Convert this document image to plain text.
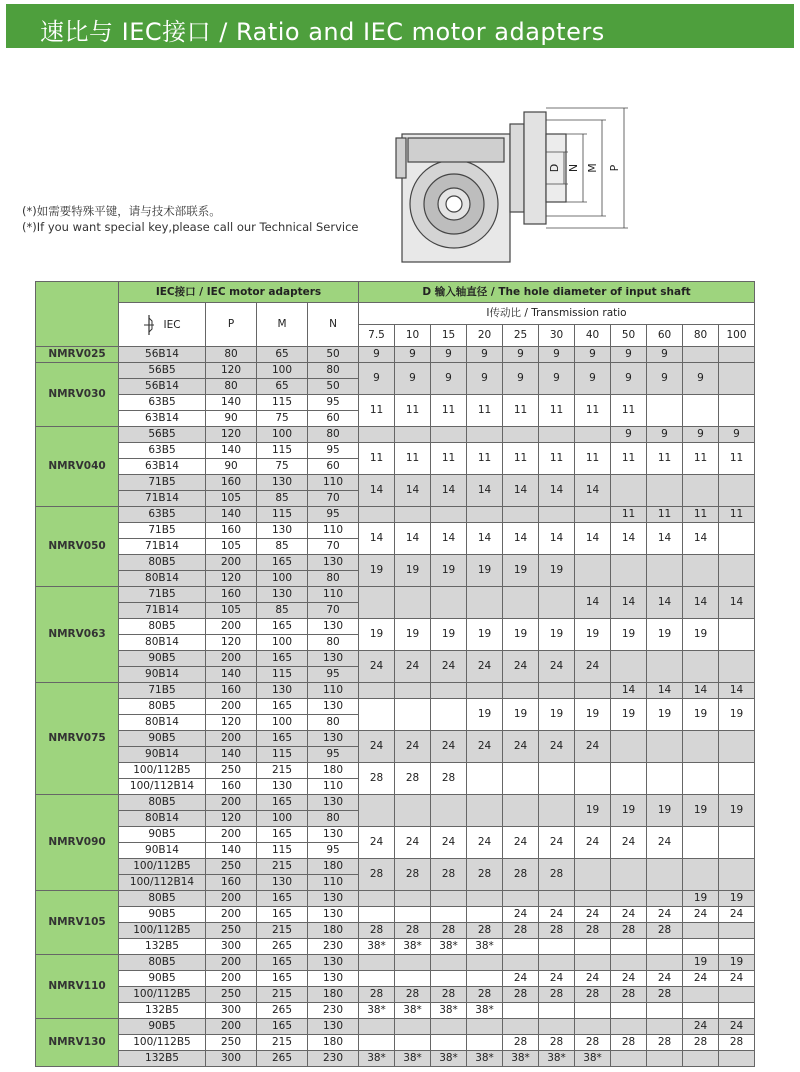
速比与 IEC接口 / Ratio and IEC motor adapters
(*)如需要特殊平键，请与技术部联系。
(*)If you want special key,please call our Technical Service
D N M P
	IEC接口 / IEC motor adapters				D 输入轴直径 / The hole diameter of input shaft										
	IEC	P	M	N	I传动比 / Transmission ratio										
					7.5	10	15	20	25	30	40	50	60	80	100
NMRV025	56B14	80	65	50	9	9	9	9	9	9	9	9	9		
NMRV030	56B5	120	100	80	9	9	9	9	9	9	9	9	9	9	
	56B14	80	65	50											
	63B5	140	115	95	11	11	11	11	11	11	11	11			
	63B14	90	75	60											
NMRV040	56B5	120	100	80								9	9	9	9
	63B5	140	115	95	11	11	11	11	11	11	11	11	11	11	11
	63B14	90	75	60											
	71B5	160	130	110	14	14	14	14	14	14	14				
	71B14	105	85	70											
NMRV050	63B5	140	115	95								11	11	11	11
	71B5	160	130	110	14	14	14	14	14	14	14	14	14	14	
	71B14	105	85	70											
	80B5	200	165	130	19	19	19	19	19	19					
	80B14	120	100	80											
NMRV063	71B5	160	130	110							14	14	14	14	14
	71B14	105	85	70											
	80B5	200	165	130	19	19	19	19	19	19	19	19	19	19	
	80B14	120	100	80											
	90B5	200	165	130	24	24	24	24	24	24	24				
	90B14	140	115	95											
NMRV075	71B5	160	130	110								14	14	14	14
	80B5	200	165	130				19	19	19	19	19	19	19	19
	80B14	120	100	80											
	90B5	200	165	130	24	24	24	24	24	24	24				
	90B14	140	115	95											
	100/112B5	250	215	180	28	28	28								
	100/112B14	160	130	110											
NMRV090	80B5	200	165	130							19	19	19	19	19
	80B14	120	100	80											
	90B5	200	165	130	24	24	24	24	24	24	24	24	24		
	90B14	140	115	95											
	100/112B5	250	215	180	28	28	28	28	28	28					
	100/112B14	160	130	110											
NMRV105	80B5	200	165	130										19	19
	90B5	200	165	130					24	24	24	24	24	24	24
	100/112B5	250	215	180	28	28	28	28	28	28	28	28	28		
	132B5	300	265	230	38*	38*	38*	38*							
NMRV110	80B5	200	165	130										19	19
	90B5	200	165	130					24	24	24	24	24	24	24
	100/112B5	250	215	180	28	28	28	28	28	28	28	28	28		
	132B5	300	265	230	38*	38*	38*	38*							
NMRV130	90B5	200	165	130										24	24
	100/112B5	250	215	180					28	28	28	28	28	28	28
	132B5	300	265	230	38*	38*	38*	38*	38*	38*	38*				
